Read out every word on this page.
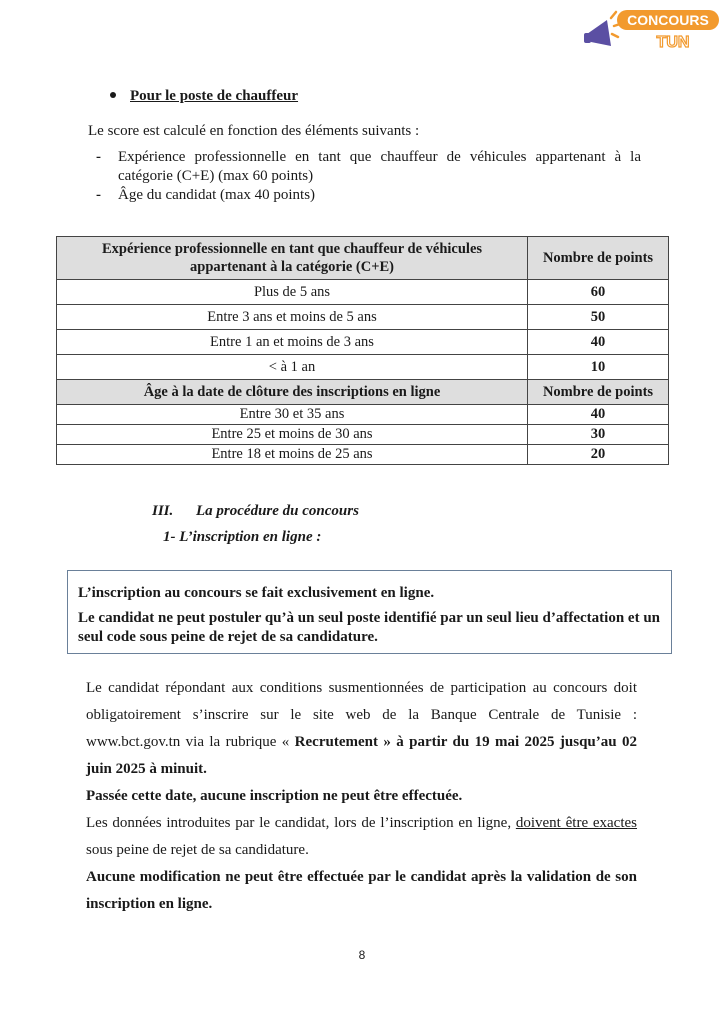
CONCOURS
TUN
Pour le poste de chauffeur
Le score est calculé en fonction des éléments suivants :
-	Expérience professionnelle en tant que chauffeur de véhicules appartenant à la catégorie (C+E) (max 60 points)
-	Âge du candidat (max 40 points)
Expérience professionnelle en tant que chauffeur de véhicules appartenant à la catégorie (C+E)	Nombre de points
Plus de 5 ans	60
Entre 3 ans et moins de 5 ans	50
Entre 1 an et moins de 3 ans	40
< à 1 an	10
Âge à la date de clôture des inscriptions en ligne	Nombre de points
Entre 30 et 35 ans	40
Entre 25 et moins de 30 ans	30
Entre 18 et moins de 25 ans	20
III. La procédure du concours
1- L’inscription en ligne :

L’inscription au concours se fait exclusivement en ligne.

Le candidat ne peut postuler qu’à un seul poste identifié par un seul lieu d’affectation et un seul code sous peine de rejet de sa candidature.

Le candidat répondant aux conditions susmentionnées de participation au concours doit obligatoirement s’inscrire sur le site web de la Banque Centrale de Tunisie : www.bct.gov.tn via la rubrique « Recrutement » à partir du 19 mai 2025 jusqu’au 02 juin 2025 à minuit.
Passée cette date, aucune inscription ne peut être effectuée.
Les données introduites par le candidat, lors de l’inscription en ligne, doivent être exactes sous peine de rejet de sa candidature.
Aucune modification ne peut être effectuée par le candidat après la validation de son inscription en ligne.
8
